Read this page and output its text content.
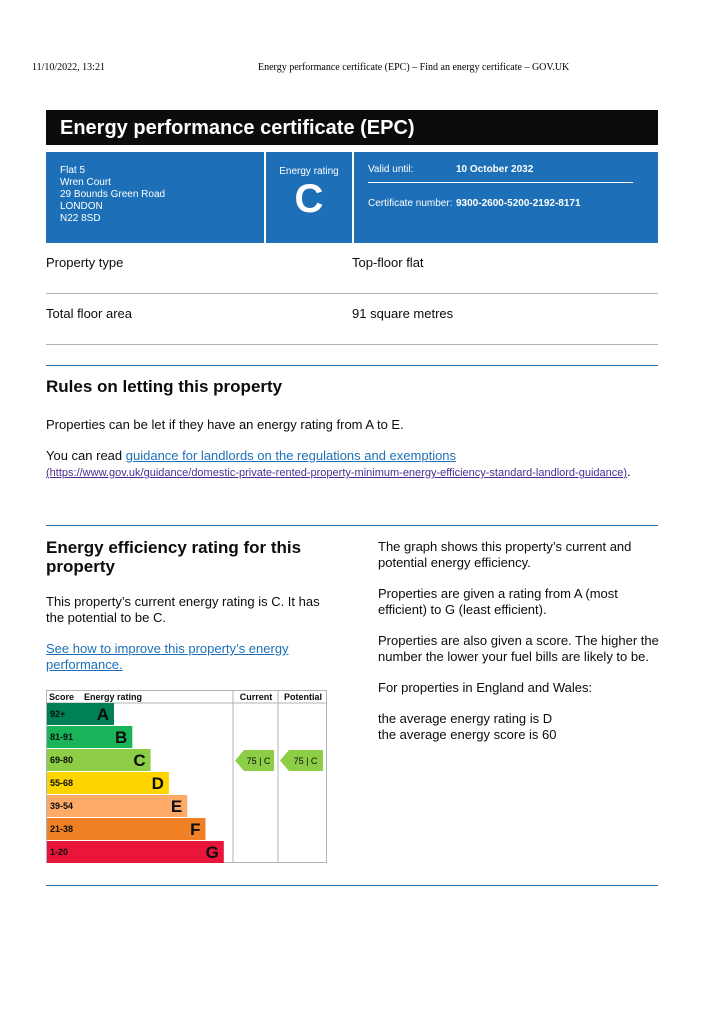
11/10/2022, 13:21	Energy performance certificate (EPC) – Find an energy certificate – GOV.UK
Energy performance certificate (EPC)
Flat 5
Wren Court
29 Bounds Green Road
LONDON
N22 8SD
Energy rating
C
Valid until:	10 October 2032
Certificate number: 9300-2600-5200-2192-8171
Property type	Top-floor flat
Total floor area	91 square metres
Rules on letting this property

Properties can be let if they have an energy rating from A to E.

You can read guidance for landlords on the regulations and exemptions
(https://www.gov.uk/guidance/domestic-private-rented-property-minimum-energy-efficiency-standard-landlord-guidance).

Energy efficiency rating for this property

This property’s current energy rating is C. It has the potential to be C.

See how to improve this property’s energy performance.
Score Energy rating	Current Potential
92+ A
81-91 B
69-80	C
55-68	D
39-54	E
21-38	F
1-20	G
75 | C	75 | C

The graph shows this property’s current and potential energy efficiency.

Properties are given a rating from A (most efficient) to G (least efficient).

Properties are also given a score. The higher the number the lower your fuel bills are likely to be.

For properties in England and Wales:

the average energy rating is D

the average energy score is 60
